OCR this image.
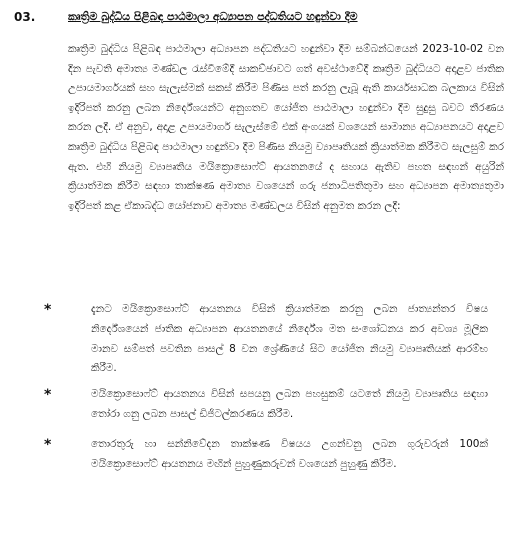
03.	කෘත්‍රිම බුද්ධිය පිළිබඳ පාඨමාලා අධ්‍යාපන පද්ධතියට හඳුන්වා දීම

කෘත්‍රිම බුද්ධිය පිළිබඳ පාඨමාලා අධ්‍යාපන පද්ධතියට හඳුන්වා දීම සම්බන්ධයෙන් 2023-10-02 වන දින පැවති අමාත්‍ය මණ්ඩල රැස්වීමේදී සාකච්ඡාවට ගත් අවස්ථාවේදී කෘත්‍රිම බුද්ධියට අදාළව ජාතික උපායමාර්ගයක් සහ සැලැස්මක් සකස් කිරීම පිණිස පත් කරනු ලැබූ ඇති කාර්යසාධක බලකාය විසින් ඉදිරිපත් කරනු ලබන නිර්දේශයන්ට අනුගතව යෝජිත පාඨමාලා හඳුන්වා දීම සුදුසු බවට තීරණය කරන ලදී. ඒ අනුව, අදාළ උපායමාර්ග සැලැස්මේ එක් අංගයක් වශයෙන් සාමාන්‍ය අධ්‍යාපනයට අදාළව කෘත්‍රිම බුද්ධිය පිළිබඳ පාඨමාලා හඳුන්වා දීම පිණිස නියමු ව්‍යාපෘතියක් ක්‍රියාත්මක කිරීමට සැලසුම් කර ඇත. එහි නියමු ව්‍යාපෘතිය මයික්‍රොසොෆ්ට් ආයතනයේ ද සහාය ඇතිව පහත සඳහන් අයුරින් ක්‍රියාත්මක කිරීම සඳහා තාක්ෂණ අමාත්‍ය වශයෙන් ගරු ජනාධිපතිතුමා සහ අධ්‍යාපන අමාත්‍යතුමා ඉදිරිපත් කළ ඒකාබද්ධ යෝජනාව අමාත්‍ය මණ්ඩලය විසින් අනුමත කරන ලදී:

*	දැනට මයික්‍රොසොෆ්ට් ආයතනය විසින් ක්‍රියාත්මක කරනු ලබන ජාත්‍යන්තර විෂය නිර්දේශයෙන් ජාතික අධ්‍යාපන ආයතනයේ නිර්දේශ මත සංශෝධනය කර අවශ්‍ය මූලික මානව සම්පත් පවතින පාසල් 8 වන ශ්‍රේණියේ සිට යෝජිත නියමු ව්‍යාපෘතියක් ආරම්භ කිරීම.
*	මයික්‍රොසොෆ්ට් ආයතනය විසින් සපයනු ලබන පහසුකම් යටතේ නියමු ව්‍යාපෘතිය සඳහා තෝරා ගනු ලබන පාසල් ඩිජිටල්කරණය කිරීම.
*	තොරතුරු හා සන්නිවේදන තාක්ෂණ විෂයය උගන්වනු ලබන ගුරුවරුන් 100ක් මයික්‍රොසොෆ්ට් ආයතනය මඟින් පුහුණුකරුවන් වශයෙන් පුහුණු කිරීම.
